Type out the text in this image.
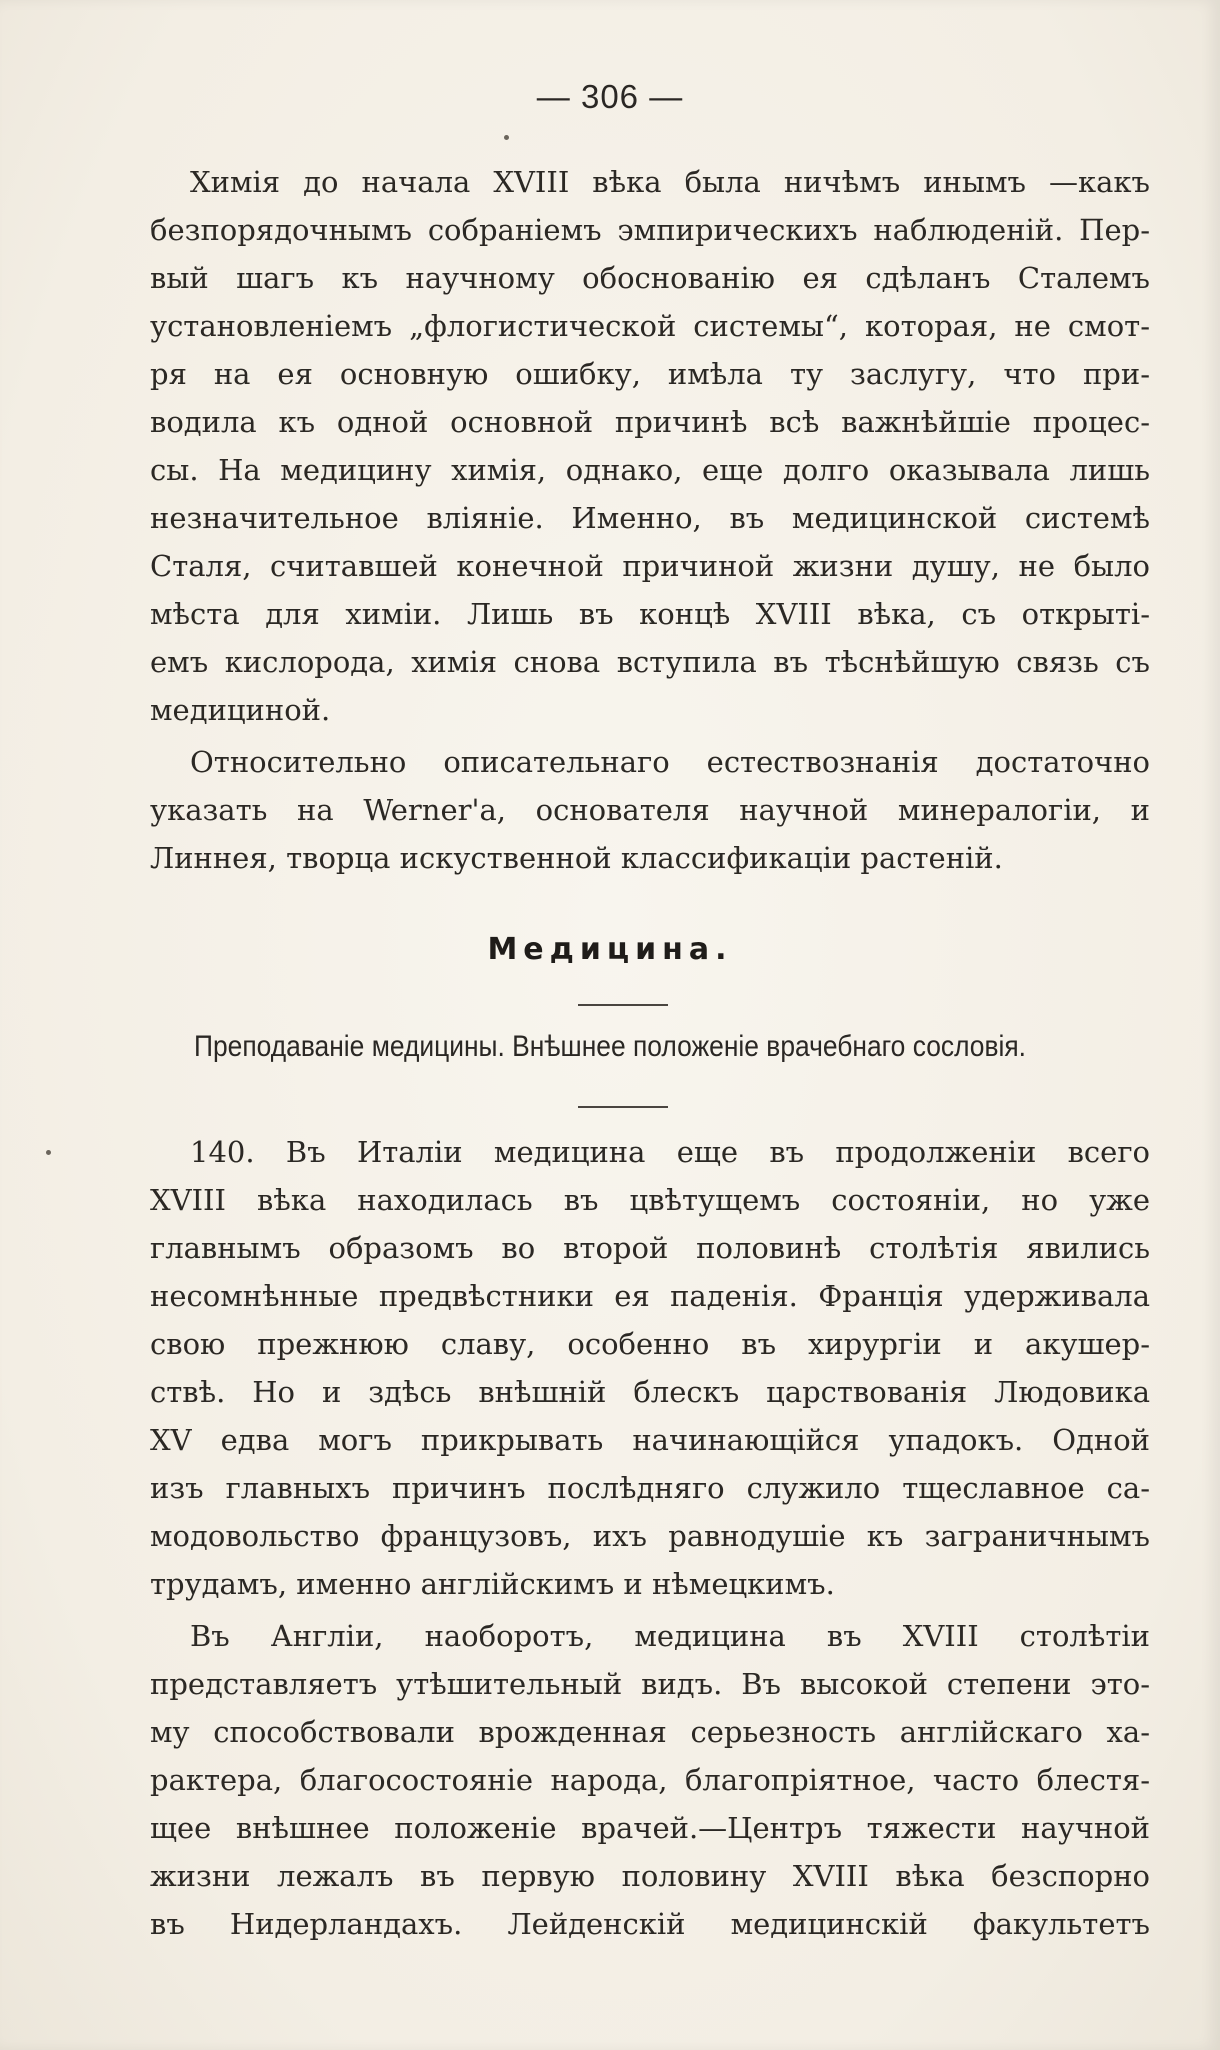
— 306 —
Химія до начала XVIII вѣка была ничѣмъ инымъ —какъ
безпорядочнымъ собраніемъ эмпирическихъ наблюденій. Пер-
вый шагъ къ научному обоснованію ея сдѣланъ Сталемъ
установленіемъ „флогистической системы“, которая, не смот-
ря на ея основную ошибку, имѣла ту заслугу, что при-
водила къ одной основной причинѣ всѣ важнѣйшіе процес-
сы. На медицину химія, однако, еще долго оказывала лишь
незначительное вліяніе. Именно, въ медицинской системѣ
Сталя, считавшей конечной причиной жизни душу, не было
мѣста для химіи. Лишь въ концѣ XVIII вѣка, съ открыті-
емъ кислорода, химія снова вступила въ тѣснѣйшую связь съ
медициной.
Относительно описательнаго естествознанія достаточно
указать на Werner'a, основателя научной минералогіи, и
Линнея, творца искуственной классификаціи растеній.
Медицина.
Преподаваніе медицины. Внѣшнее положеніе врачебнаго сословія.
140. Въ Италіи медицина еще въ продолженіи всего
XVIII вѣка находилась въ цвѣтущемъ состояніи, но уже
главнымъ образомъ во второй половинѣ столѣтія явились
несомнѣнные предвѣстники ея паденія. Франція удерживала
свою прежнюю славу, особенно въ хирургіи и акушер-
ствѣ. Но и здѣсь внѣшній блескъ царствованія Людовика
XV едва могъ прикрывать начинающійся упадокъ. Одной
изъ главныхъ причинъ послѣдняго служило тщеславное са-
модовольство французовъ, ихъ равнодушіе къ заграничнымъ
трудамъ, именно англійскимъ и нѣмецкимъ.
Въ Англіи, наоборотъ, медицина въ XVIII столѣтіи
представляетъ утѣшительный видъ. Въ высокой степени это-
му способствовали врожденная серьезность англійскаго ха-
рактера, благосостояніе народа, благопріятное, часто блестя-
щее внѣшнее положеніе врачей.—Центръ тяжести научной
жизни лежалъ въ первую половину XVIII вѣка безспорно
въ Нидерландахъ. Лейденскій медицинскій факультетъ
